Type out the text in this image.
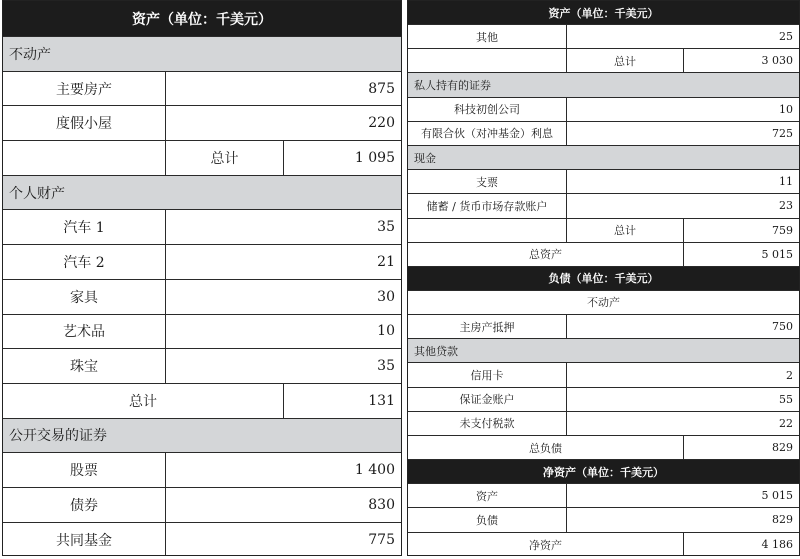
资产（单位：千美元）
不动产
主要房产	875
度假小屋	220
总计	1 095
个人财产
汽车 1	35
汽车 2	21
家具	30
艺术品	10
珠宝	35
总计	131
公开交易的证券
股票	1 400
债券	830
共同基金	775
资产（单位：千美元）
其他	25
总计	3 030
私人持有的证券
科技初创公司	10
有限合伙（对冲基金）利息	725
现金
支票	11
储蓄 / 货币市场存款账户	23
总计	759
总资产	5 015
负债（单位：千美元）
不动产
主房产抵押	750
其他贷款
信用卡	2
保证金账户	55
未支付税款	22
总负债	829
净资产（单位：千美元）
资产	5 015
负债	829
净资产	4 186
